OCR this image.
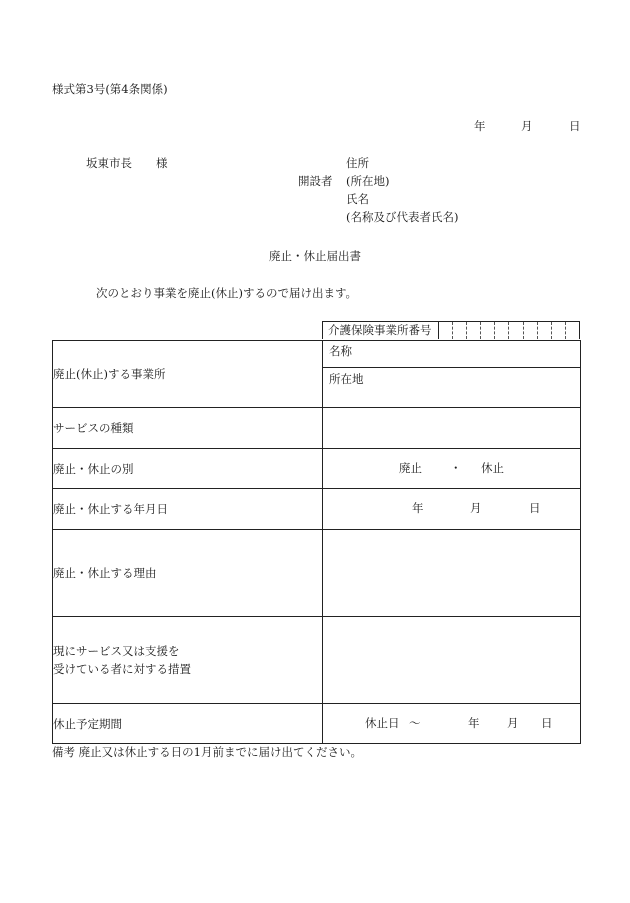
様式第3号(第4条関係)
年	月	日
坂東市長 様	住所
開設者 (所在地)
氏名
(名称及び代表者氏名)
廃止・休止届出書
次のとおり事業を廃止(休止)するので届け出ます。
介護保険事業所番号
廃止(休止)する事業所	名称
	所在地
サービスの種類	
廃止・休止の別	廃止 ・ 休止

廃止・休止する年月日	年 月 日

廃止・休止する理由	

現にサービス又は支援を
受けている者に対する措置	

休止予定期間	休止日 ～ 年 月 日
備考 廃止又は休止する日の1月前までに届け出てください。
